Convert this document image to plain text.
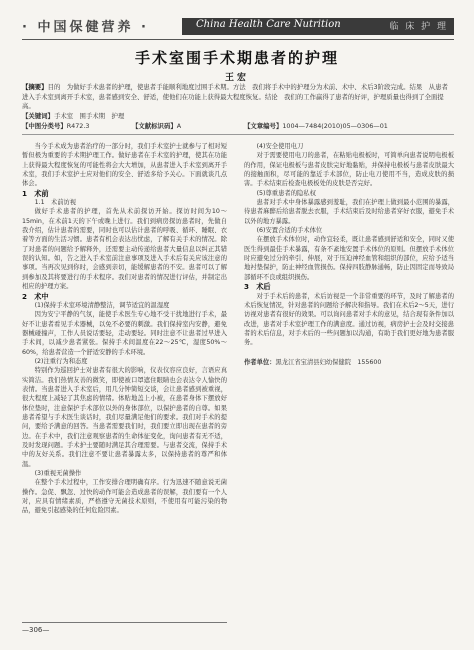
· 中国保健营养 ·	China Health Care Nutrition	临 床 护 理
手术室围手术期患者的护理
王宏
【摘要】目的　为做好手术患者的护理，使患者手能顺利地度过围手术期。方法　我们将手术中的护理分为术前、术中、术后3阶段完成。结果　从患者进入手术室到离开手术室，患者感到安全、舒适，使他们在功能上获得最大程度恢复。结论　我们的工作赢得了患者的好评，护理质量也得到了全面提高。
【关键词】手术室　围手术期　护理
【中图分类号】R472.3	【文献标识码】A	【文章编号】1004—7484(2010)05—0306—01

当今手术成为患者治疗的一部分时，我们手术室护士就参与了相对短暂但极为重要的手术期护理工作。做好患者在手术室的护理，使其在功能上获得最大程度恢复的可能性将会大大增加，从患者进入手术室到离开手术室，我们手术室护士应对他们的安全、舒适多给予关心。下面就谈几点体会。

1　术前

1.1　术前访视

做好手术患者的护理，首先从术前探访开始。探访时间为10～15min，在术前1天的下午或晚上进行。我们到病房探访患者时，先做自我介绍，估计患者的需要，同时也可以估计患者的呼吸、循环、睡眠、衣着等方面的生活习惯。患者有机会表达出忧虑，了解有关手术的情况。除了对患者的问题给予解释外，还需要主动传递给患者大量信息以纠正其错误的认知。如，告之进入手术室前注意事项及进入手术后有关应该注意的事项。当再次见到你时，会感到亲切，能缓解患者的不安。患者可以了解到参加及其将要进行的手术程序。我们对患者的情况进行评估，并制定出相应的护理方案。

2　术中

(1)保持手术室环境清静整洁，调节适宜的温湿度

因为安宁平静的气氛，能使手术医生专心地不受干扰地进行手术，最好不让患者看见手术器械，以免不必要的刺激。我们保持室内安静，避免器械碰撞声，工作人员说话要轻，走动要轻。同时注意不让患者过早进入手术间，以减少患者紧张。保持手术间温度在22～25℃，湿度50%～60%，给患者营造一个舒适安静的手术环境。

(2)注重行为和态度

特别作为巡回护士对患者有很大的影响，仪表仪容应良好，言语应真实简洁。我们热情友善的微笑，即使被口罩遮住眼睛也会表达令人愉快的表情。当患者进入手术室后，用几分钟简短交谈，会让患者感到被重视，很大程度上减轻了其焦虑的情绪。体贴地盖上小被，在患者身体下摆放好体位垫时，注意保护手术部位以外的身体部位，以保护患者的自尊。如果患者希望与手术医生谈话时，我们尽量满足他们的要求。我们对手术的提问，要给予满意的回答。当患者需要我们时，我们要立即出现在患者的旁边。在手术中，我们注意观察患者的生命体征变化，询问患者有无不适，及时发现问题。手术护士要随时满足其合理需要。与患者交流，保持手术中的友好关系。我们注意不要让患者暴露太多，以保持患者的尊严和体温。

(3)重视无菌操作

在整个手术过程中，工作安排合理明确有序。行为迅速不随意说无菌操作。急促、飘忽、过快的动作可能会造成患者的误解，我们要有一个人对，应具有情绪素质，严格遵守无菌技术原则，不使用有可能污染的物品，避免引起感染的任何危险因素。

(4)安全使用电刀

对于需要使用电刀的患者，在粘贴电极板时，可简单向患者说明电极板的作用，保证电极板与患者皮肤完好地黏贴，并保持电极板与患者皮肤最大的接触面积，尽可能的靠近手术部位，防止电刀使用不当，造成皮肤的损害。手术结束后检查电极板处的皮肤是否完好。

(5)尊重患者的隐私权

患者对手术中身体暴露感到羞耻，我们在护理上做到最小范围的暴露，待患者麻醉后给患者脱去衣服，手术结束后及时给患者穿好衣服，避免手术以外的地方暴露。

(6)安置合适的手术体位

在摆放手术体位时，动作宜轻柔，既让患者感到舒适和安全，同时又使医生得到最佳手术暴露，有条不紊地安置手术体位的原则。但摆放手术体位时应避免过分的牵引、伸展，对于压迫神经血管和组织的部位，应给予适当地衬垫保护，防止神经血管损伤。保持四肢静脉通畅，防止因固定而导致局部循环不良或组织损伤。

3　术后

对于手术后的患者，术后访视是一个非常重要的环节，及时了解患者的术后恢复情况，针对患者的问题给予解决和指导。我们在术后2～5天，进行访视对患者有很好的效果。可以询问患者对手术的意见，结合现有条件加以改进，患者对手术室护理工作的满意度。通过访视，病房护士会及时交接患者的术后信息，对手术后的一些问题加以沟通，有助于我们更好地为患者服务。

作者单位：黑龙江省宝清县妇幼保健院　155600

—306—
